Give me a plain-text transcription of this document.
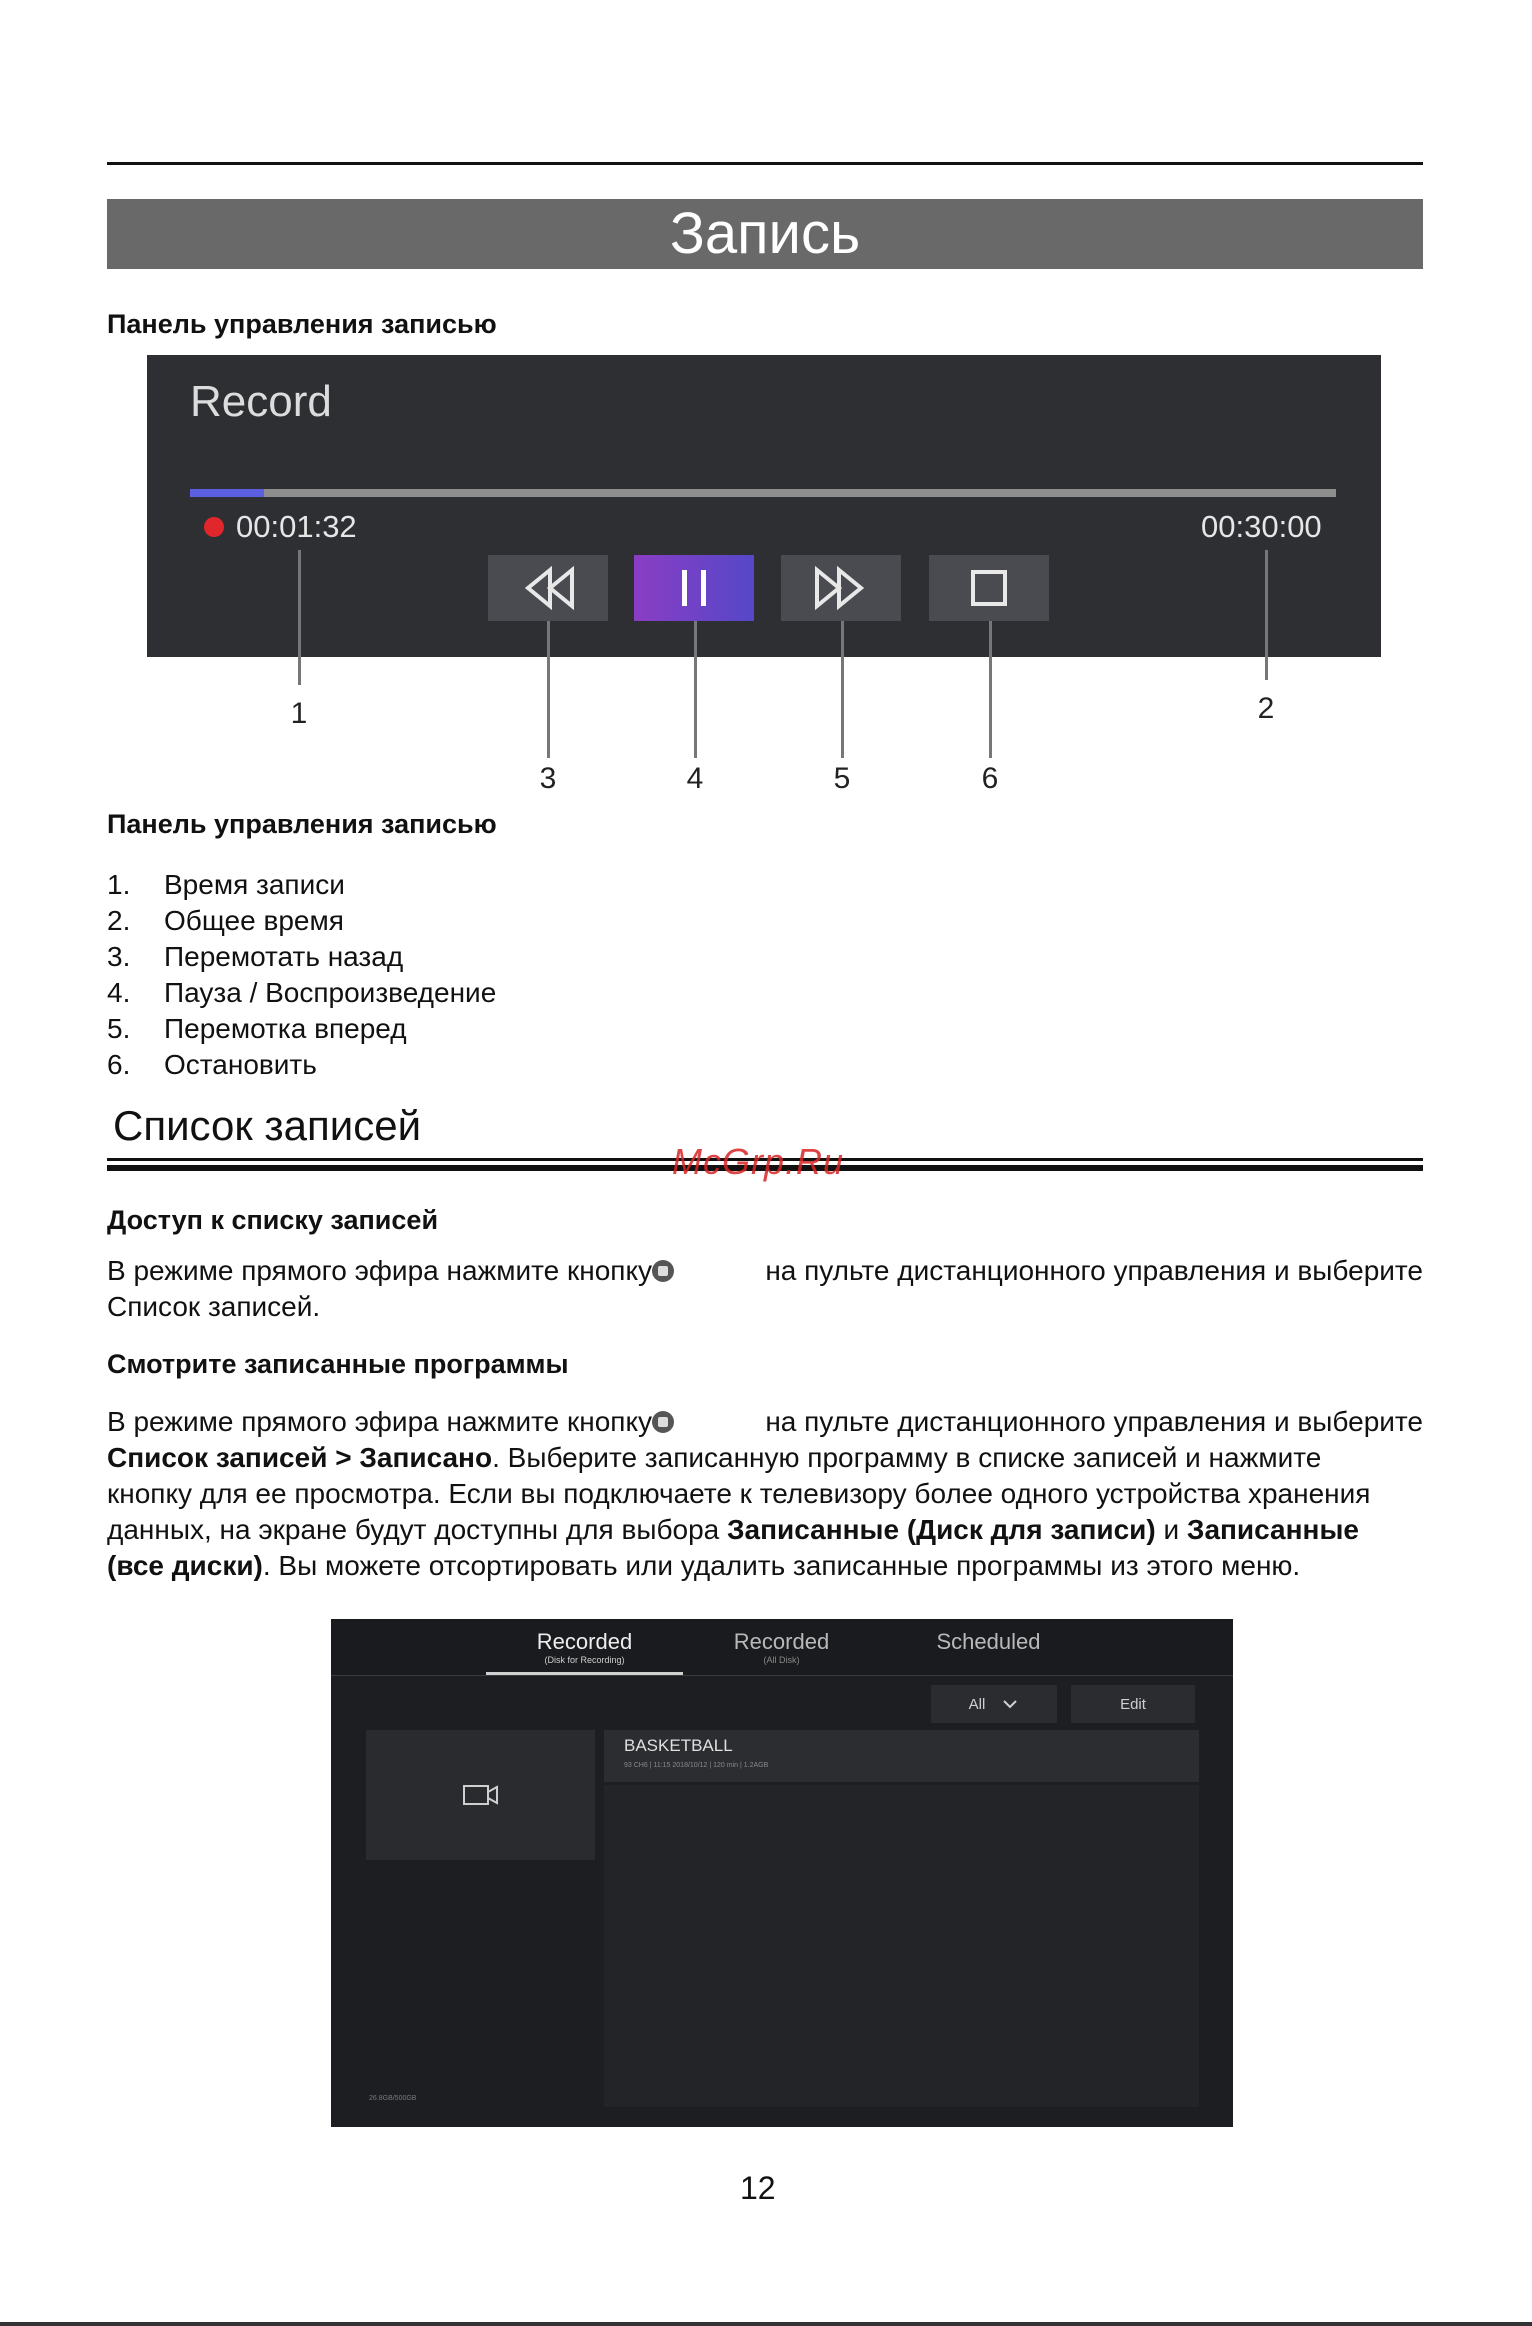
Запись
Панель управления записью
Record
00:01:32	00:30:00
1	2
3	4	5	6
Панель управления записью
1.	Время записи
2.	Общее время
3.	Перемотать назад
4.	Пауза / Воспроизведение
5.	Перемотка вперед
6.	Остановить
Список записей
McGrp.Ru
Доступ к списку записей
В режиме прямого эфира нажмите кнопку	на пульте дистанционного управления и выберите
Список записей.
Смотрите записанные программы
В режиме прямого эфира нажмите кнопку	на пульте дистанционного управления и выберите
Список записей > Записано. Выберите записанную программу в списке записей и нажмите
кнопку для ее просмотра. Если вы подключаете к телевизору более одного устройства хранения
данных, на экране будут доступны для выбора Записанные (Диск для записи) и Записанные
(все диски). Вы можете отсортировать или удалить записанные программы из этого меню.
Recorded
(Disk for Recording)
Recorded
(All Disk)
Scheduled
All	Edit
BASKETBALL
93 CH6 | 11:15 2018/10/12 | 120 min | 1.2AGB
26.8GB/500GB
12
